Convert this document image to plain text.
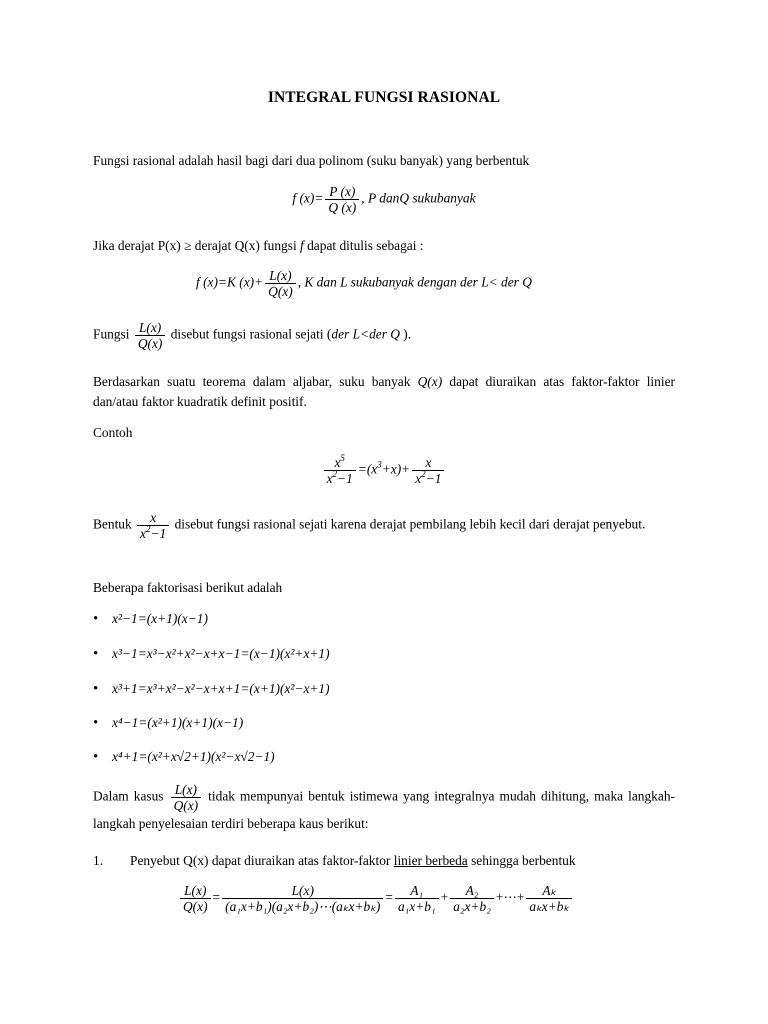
INTEGRAL FUNGSI RASIONAL
Fungsi rasional adalah hasil bagi dari dua polinom (suku banyak) yang berbentuk
f $(x)= \frac{P (x)}{Q (x)}$ , P danQ sukubanyak
Jika derajat P(x) ≥ derajat Q(x) fungsi f dapat ditulis sebagai :
f (x)=K $(x)+ \frac{L(x)}{Q(x)}$ , K dan L sukubanyak dengan der L< der Q
Fungsi $\frac{L(x)}{Q(x)}$ disebut fungsi rasional sejati (der L<der Q ).
Berdasarkan suatu teorema dalam aljabar, suku banyak Q(x) dapat diuraikan atas faktor-faktor linier dan/atau faktor kuadratik definit positif.
Contoh
$\frac{x^5}{x^2-1} =(x^3+x)+ \frac{x}{x^2-1}$
Bentuk $\frac{x}{x^2-1}$ disebut fungsi rasional sejati karena derajat pembilang lebih kecil dari derajat penyebut.
Beberapa faktorisasi berikut adalah
• x²−1=(x+1)(x−1)
• x³−1=x³−x²+x²−x+x−1=(x−1)(x²+x+1)
• x³+1=x³+x²−x²−x+x+1=(x+1)(x²−x+1)
• x⁴−1=(x²+1)(x+1)(x−1)
• x⁴+1=(x²+x√2+1)(x²−x√2−1)
Dalam kasus $\frac{L(x)}{Q(x)}$ tidak mempunyai bentuk istimewa yang integralnya mudah dihitung, maka langkah-langkah penyelesaian terdiri beberapa kaus berikut:
1. Penyebut Q(x) dapat diuraikan atas faktor-faktor linier berbeda sehingga berbentuk
$\frac{L(x)}{Q(x)} = \frac{L(x)}{\text{(a₁x+b₁)(a₂x+b₂)⋯(aₖx+bₖ)}} = \frac{\text{A₁}}{\text{a₁x+b₁}} + \frac{\text{A₂}}{\text{a₂x+b₂}}$ +⋯+ $\frac{\text{Aₖ}}{\text{aₖx+bₖ}}$
